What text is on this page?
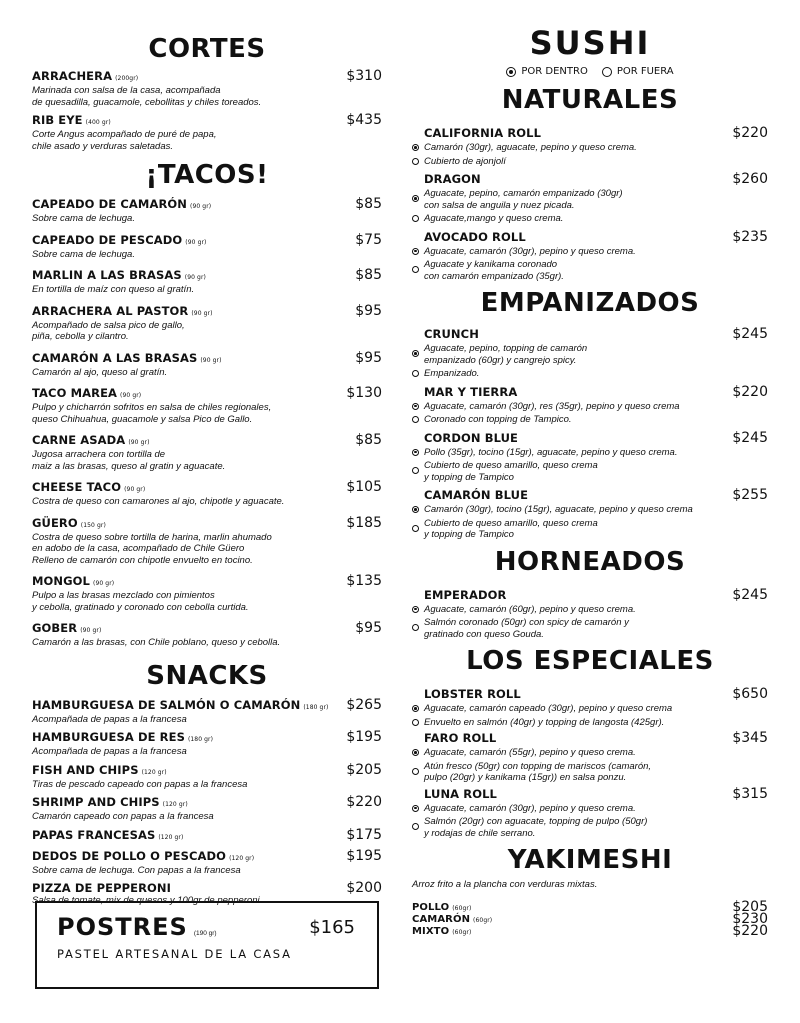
CORTES
ARRACHERA (200gr)	$310
Marinada con salsa de la casa, acompañada
de quesadilla, guacamole, cebollitas y chiles toreados.
RIB EYE (400 gr)	$435
Corte Angus acompañado de puré de papa,
chile asado y verduras saletadas.
¡TACOS!
CAPEADO DE CAMARÓN (90 gr)	$85
Sobre cama de lechuga.
CAPEADO DE PESCADO (90 gr)	$75
Sobre cama de lechuga.
MARLIN A LAS BRASAS (90 gr)	$85
En tortilla de maíz con queso al gratín.
ARRACHERA AL PASTOR (90 gr)	$95
Acompañado de salsa pico de gallo,
piña, cebolla y cilantro.
CAMARÓN A LAS BRASAS (90 gr)	$95
Camarón al ajo, queso al gratín.
TACO MAREA (90 gr)	$130
Pulpo y chicharrón sofritos en salsa de chiles regionales,
queso Chihuahua, guacamole y salsa Pico de Gallo.
CARNE ASADA (90 gr)	$85
Jugosa arrachera con tortilla de
maiz a las brasas, queso al gratin y aguacate.
CHEESE TACO (90 gr)	$105
Costra de queso con camarones al ajo, chipotle y aguacate.
GÜERO (150 gr)	$185
Costra de queso sobre tortilla de harina, marlin ahumado
en adobo de la casa, acompañado de Chile Güero
Relleno de camarón con chipotle envuelto en tocino.
MONGOL (90 gr)	$135
Pulpo a las brasas mezclado con pimientos
y cebolla, gratinado y coronado con cebolla curtida.
GOBER (90 gr)	$95
Camarón a las brasas, con Chile poblano, queso y cebolla.
SNACKS
HAMBURGUESA DE SALMÓN O CAMARÓN (180 gr)	$265
Acompañada de papas a la francesa
HAMBURGUESA DE RES (180 gr)	$195
Acompañada de papas a la francesa
FISH AND CHIPS (120 gr)	$205
Tiras de pescado capeado con papas a la francesa
SHRIMP AND CHIPS (120 gr)	$220
Camarón capeado con papas a la francesa
PAPAS FRANCESAS (120 gr)	$175
DEDOS DE POLLO O PESCADO (120 gr)	$195
Sobre cama de lechuga. Con papas a la francesa
PIZZA DE PEPPERONI	$200
Salsa de tomate, mix de quesos y 100gr de pepperoni
POSTRES (190 gr)	$165
PASTEL ARTESANAL DE LA CASA
SUSHI
POR DENTRO	POR FUERA
NATURALES
CALIFORNIA ROLL	$220
Camarón (30gr), aguacate, pepino y queso crema.
Cubierto de ajonjolí
DRAGON	$260
Aguacate, pepino, camarón empanizado (30gr)
con salsa de anguila y nuez picada.
Aguacate,mango y queso crema.
AVOCADO ROLL	$235
Aguacate, camarón (30gr), pepino y queso crema.
Aguacate y kanikama coronado
con camarón empanizado (35gr).
EMPANIZADOS
CRUNCH	$245
Aguacate, pepino, topping de camarón
empanizado (60gr) y cangrejo spicy.
Empanizado.
MAR Y TIERRA	$220
Aguacate, camarón (30gr), res (35gr), pepino y queso crema
Coronado con topping de Tampico.
CORDON BLUE	$245
Pollo (35gr), tocino (15gr), aguacate, pepino y queso crema.
Cubierto de queso amarillo, queso crema
y topping de Tampico
CAMARÓN BLUE	$255
Camarón (30gr), tocino (15gr), aguacate, pepino y queso crema
Cubierto de queso amarillo, queso crema
y topping de Tampico
HORNEADOS
EMPERADOR	$245
Aguacate, camarón (60gr), pepino y queso crema.
Salmón coronado (50gr) con spicy de camarón y
gratinado con queso Gouda.
LOS ESPECIALES
LOBSTER ROLL	$650
Aguacate, camarón capeado (30gr), pepino y queso crema
Envuelto en salmón (40gr) y topping de langosta (425gr).
FARO ROLL	$345
Aguacate, camarón (55gr), pepino y queso crema.
Atún fresco (50gr) con topping de mariscos (camarón,
pulpo (20gr) y kanikama (15gr)) en salsa ponzu.
LUNA ROLL	$315
Aguacate, camarón (30gr), pepino y queso crema.
Salmón (20gr) con aguacate, topping de pulpo (50gr)
y rodajas de chile serrano.
YAKIMESHI
Arroz frito a la plancha con verduras mixtas.
POLLO (60gr)	$205
CAMARÓN (60gr)	$230
MIXTO (60gr)	$220
